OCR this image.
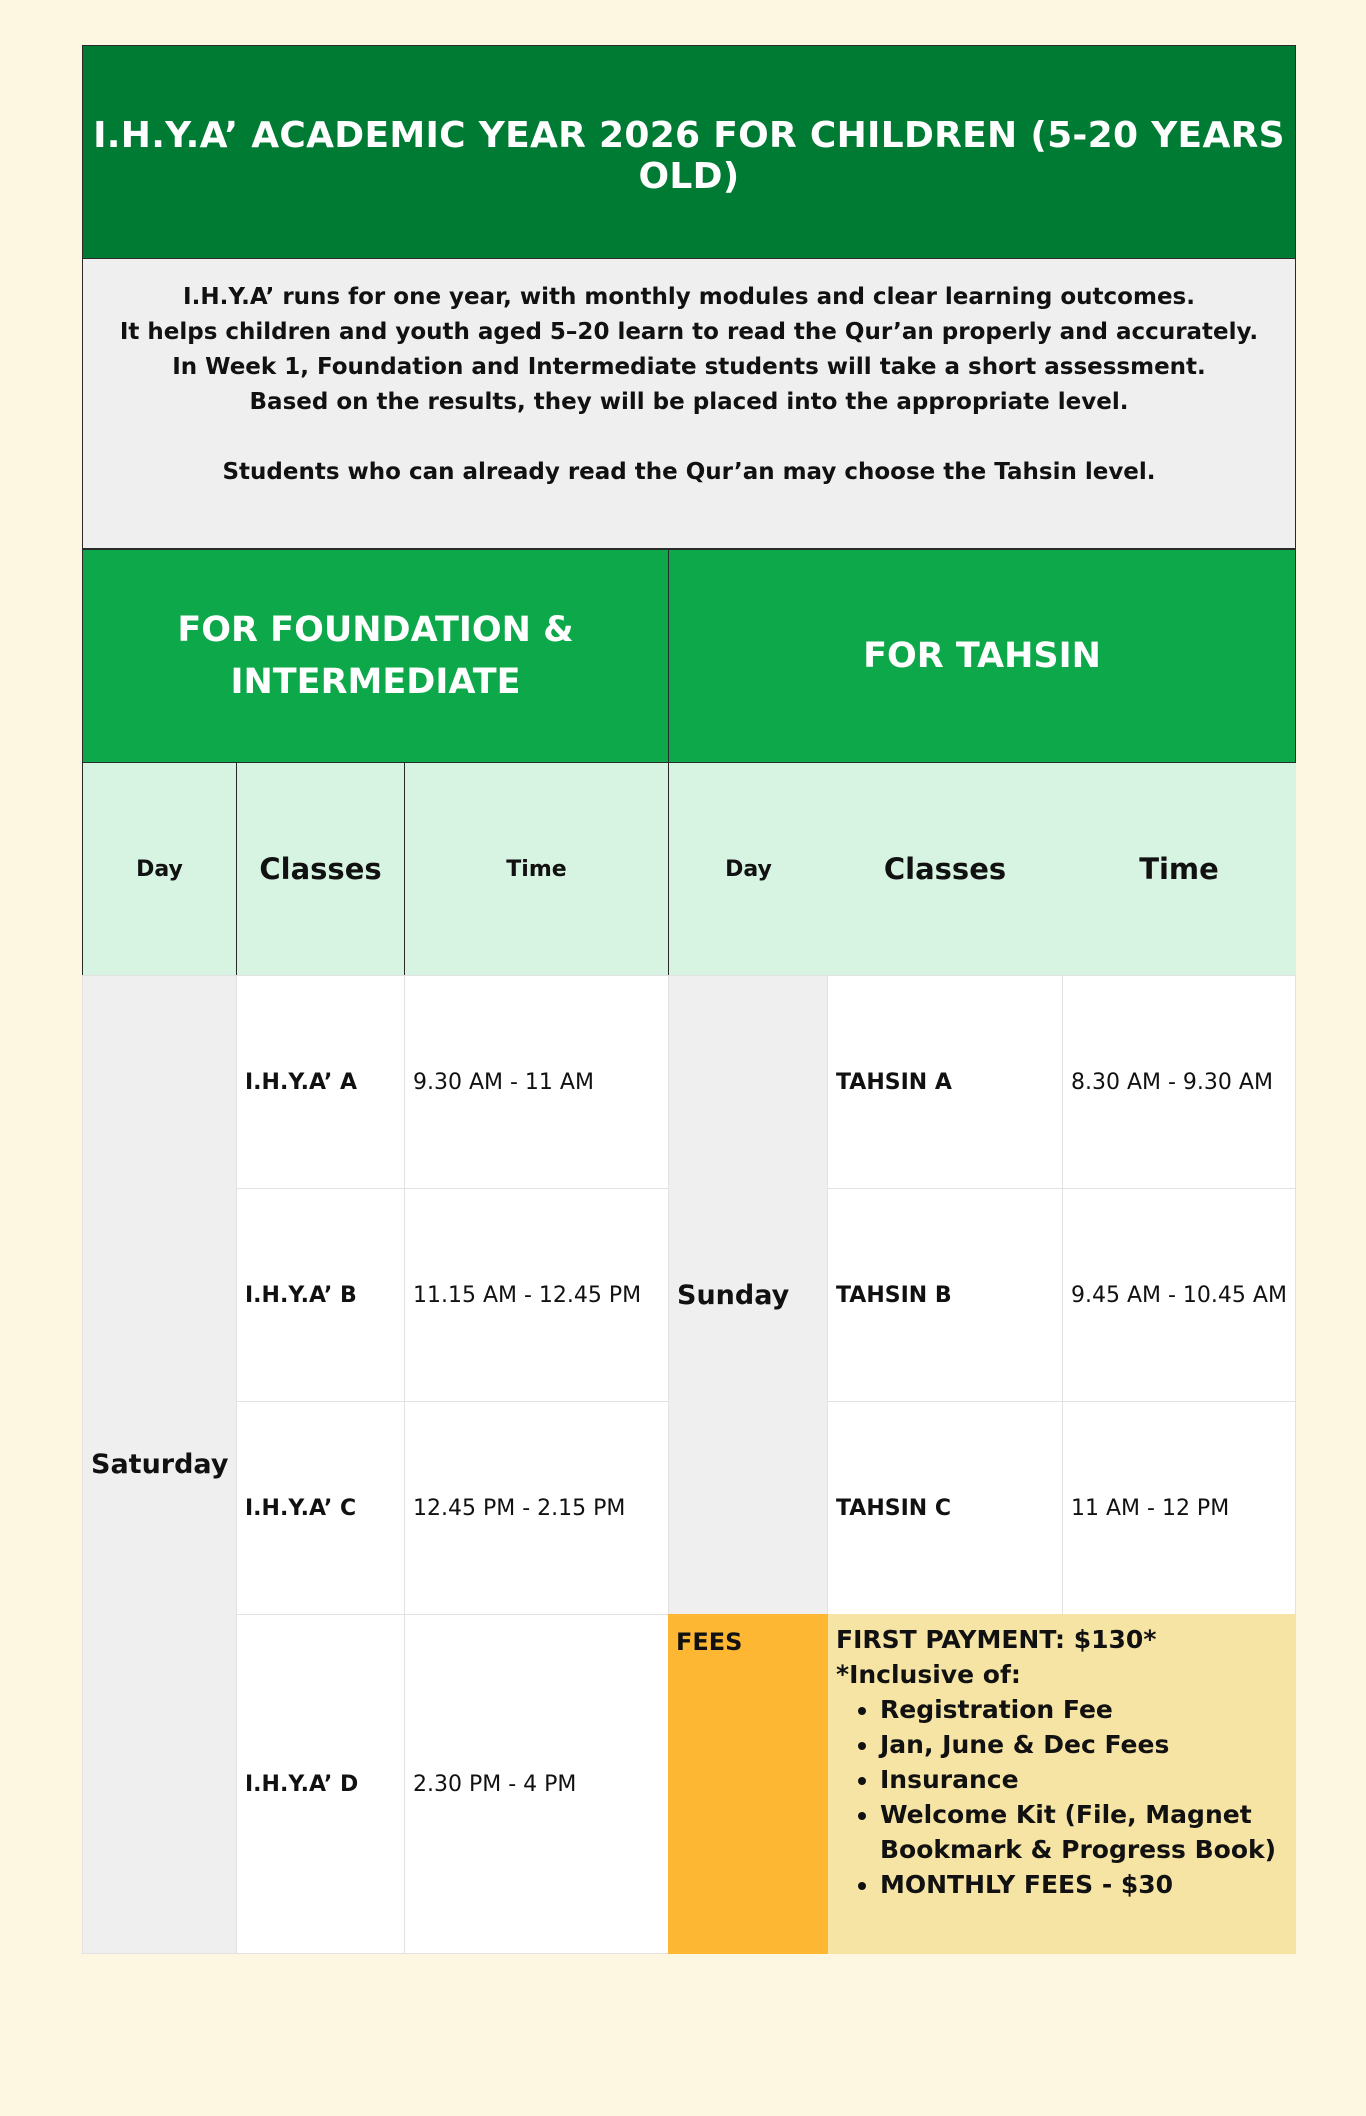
I.H.Y.A’ ACADEMIC YEAR 2026 FOR CHILDREN (5-20 YEARS OLD)

I.H.Y.A’ runs for one year, with monthly modules and clear learning outcomes.

It helps children and youth aged 5–20 learn to read the Qur’an properly and accurately.

In Week 1, Foundation and Intermediate students will take a short assessment.

Based on the results, they will be placed into the appropriate level.

Students who can already read the Qur’an may choose the Tahsin level.

FOR FOUNDATION &
INTERMEDIATE
FOR TAHSIN
Day	Classes	Time	Day	Classes	Time
Saturday
I.H.Y.A’ A	9.30 AM - 11 AM
I.H.Y.A’ B	11.15 AM - 12.45 PM
I.H.Y.A’ C	12.45 PM - 2.15 PM
I.H.Y.A’ D	2.30 PM - 4 PM
Sunday
TAHSIN A	8.30 AM - 9.30 AM
TAHSIN B	9.45 AM - 10.45 AM
TAHSIN C	11 AM - 12 PM
FEES	FIRST PAYMENT: $130*
*Inclusive of:
• Registration Fee
• Jan, June & Dec Fees
• Insurance
• Welcome Kit (File, Magnet Bookmark & Progress Book)
• MONTHLY FEES - $30
